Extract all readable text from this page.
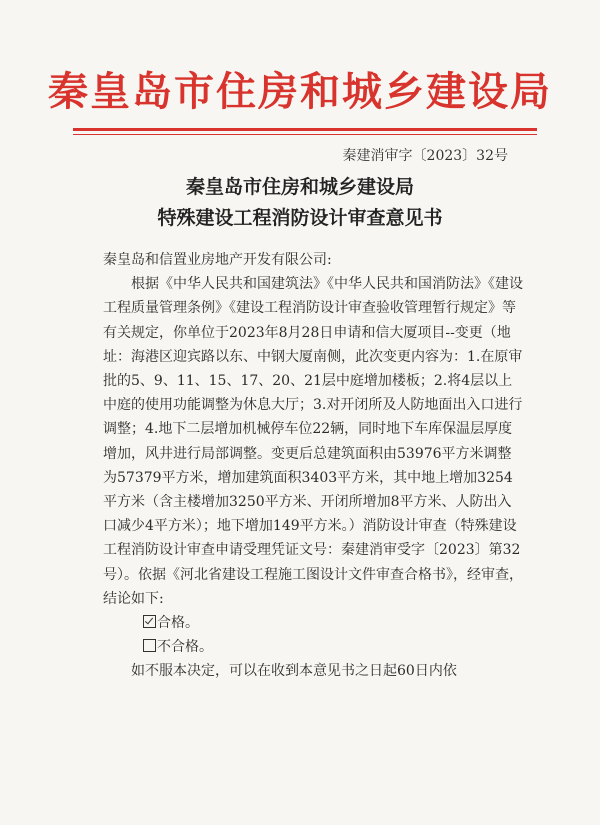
秦皇岛市住房和城乡建设局
秦建消审字〔2023〕32号
秦皇岛市住房和城乡建设局
特殊建设工程消防设计审查意见书

秦皇岛和信置业房地产开发有限公司:

根据《中华人民共和国建筑法》《中华人民共和国消防法》《建设工程质量管理条例》《建设工程消防设计审查验收管理暂行规定》等有关规定，你单位于2023年8月28日申请和信大厦项目--变更（地址：海港区迎宾路以东、中钢大厦南侧，此次变更内容为：1.在原审批的5、9、11、15、17、20、21层中庭增加楼板；2.将4层以上中庭的使用功能调整为休息大厅；3.对开闭所及人防地面出入口进行调整；4.地下二层增加机械停车位22辆，同时地下车库保温层厚度增加，风井进行局部调整。变更后总建筑面积由53976平方米调整为57379平方米，增加建筑面积3403平方米，其中地上增加3254平方米（含主楼增加3250平方米、开闭所增加8平方米、人防出入口减少4平方米）；地下增加149平方米。）消防设计审查（特殊建设工程消防设计审查申请受理凭证文号：秦建消审受字〔2023〕第32号）。依据《河北省建设工程施工图设计文件审查合格书》，经审查，结论如下:

合格。

不合格。

如不服本决定，可以在收到本意见书之日起60日内依
